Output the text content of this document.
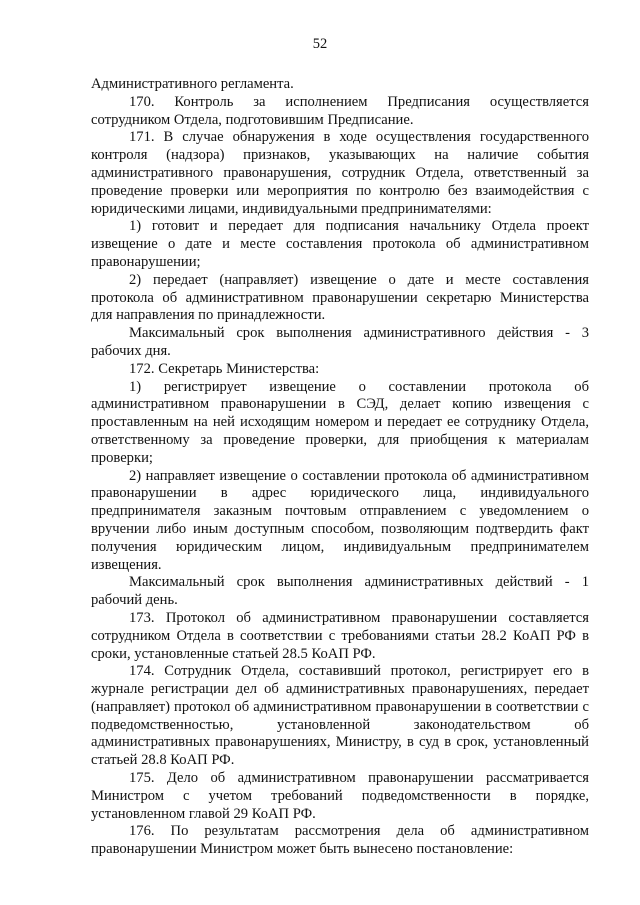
52

Административного регламента.

170. Контроль за исполнением Предписания осуществляется сотрудником Отдела, подготовившим Предписание.

171. В случае обнаружения в ходе осуществления государственного контроля (надзора) признаков, указывающих на наличие события административного правонарушения, сотрудник Отдела, ответственный за проведение проверки или мероприятия по контролю без взаимодействия с юридическими лицами, индивидуальными предпринимателями:

1) готовит и передает для подписания начальнику Отдела проект извещение о дате и месте составления протокола об административном правонарушении;

2) передает (направляет) извещение о дате и месте составления протокола об административном правонарушении секретарю Министерства для направления по принадлежности.

Максимальный срок выполнения административного действия - 3 рабочих дня.

172. Секретарь Министерства:

1) регистрирует извещение о составлении протокола об административном правонарушении в СЭД, делает копию извещения с проставленным на ней исходящим номером и передает ее сотруднику Отдела, ответственному за проведение проверки, для приобщения к материалам проверки;

2) направляет извещение о составлении протокола об административном правонарушении в адрес юридического лица, индивидуального предпринимателя заказным почтовым отправлением с уведомлением о вручении либо иным доступным способом, позволяющим подтвердить факт получения юридическим лицом, индивидуальным предпринимателем извещения.

Максимальный срок выполнения административных действий - 1 рабочий день.

173. Протокол об административном правонарушении составляется сотрудником Отдела в соответствии с требованиями статьи 28.2 КоАП РФ в сроки, установленные статьей 28.5 КоАП РФ.

174. Сотрудник Отдела, составивший протокол, регистрирует его в журнале регистрации дел об административных правонарушениях, передает (направляет) протокол об административном правонарушении в соответствии с подведомственностью, установленной законодательством об административных правонарушениях, Министру, в суд в срок, установленный статьей 28.8 КоАП РФ.

175. Дело об административном правонарушении рассматривается Министром с учетом требований подведомственности в порядке, установленном главой 29 КоАП РФ.

176. По результатам рассмотрения дела об административном правонарушении Министром может быть вынесено постановление:
